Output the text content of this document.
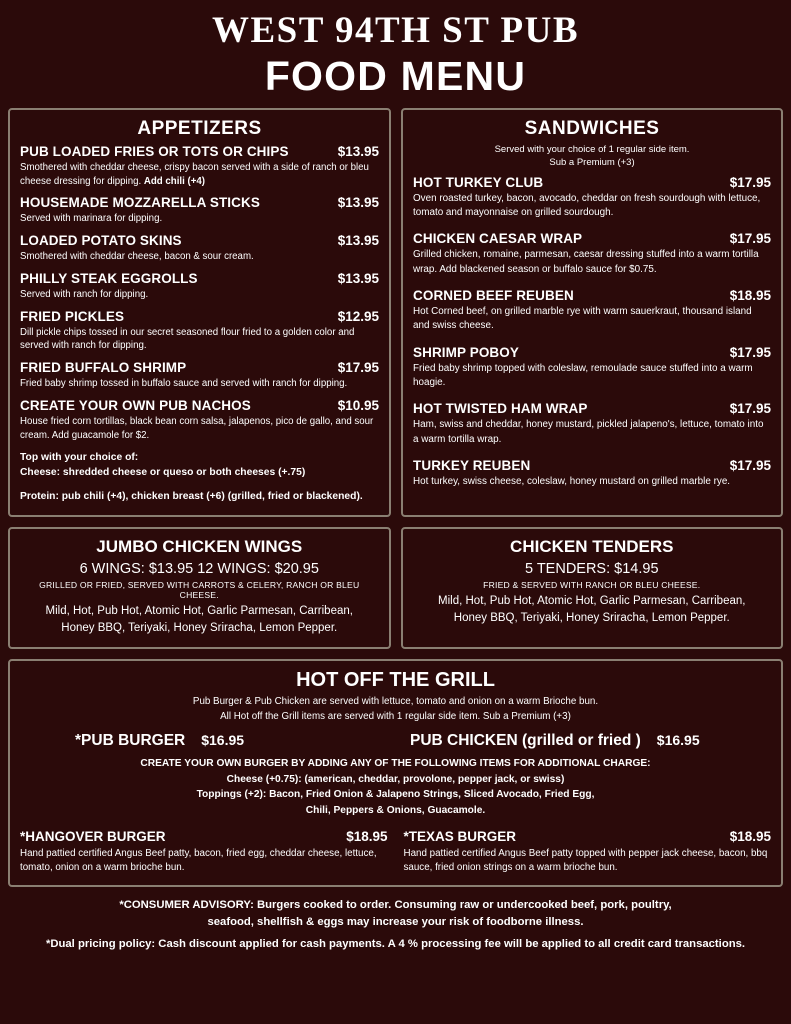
WEST 94TH ST PUB
FOOD MENU
APPETIZERS
PUB LOADED FRIES OR TOTS OR CHIPS	$13.95
Smothered with cheddar cheese, crispy bacon served with a side of ranch or bleu cheese dressing for dipping. Add chili (+4)
HOUSEMADE MOZZARELLA STICKS	$13.95
Served with marinara for dipping.
LOADED POTATO SKINS	$13.95
Smothered with cheddar cheese, bacon & sour cream.
PHILLY STEAK EGGROLLS	$13.95
Served with ranch for dipping.
FRIED PICKLES	$12.95
Dill pickle chips tossed in our secret seasoned flour fried to a golden color and served with ranch for dipping.
FRIED BUFFALO SHRIMP	$17.95
Fried baby shrimp tossed in buffalo sauce and served with ranch for dipping.
CREATE YOUR OWN PUB NACHOS	$10.95
House fried corn tortillas, black bean corn salsa, jalapenos, pico de gallo, and sour cream. Add guacamole for $2.
Top with your choice of:
Cheese: shredded cheese or queso or both cheeses (+.75)
Protein: pub chili (+4), chicken breast (+6) (grilled, fried or blackened).
SANDWICHES
Served with your choice of 1 regular side item.
Sub a Premium (+3)
HOT TURKEY CLUB	$17.95
Oven roasted turkey, bacon, avocado, cheddar on fresh sourdough with lettuce, tomato and mayonnaise on grilled sourdough.
CHICKEN CAESAR WRAP	$17.95
Grilled chicken, romaine, parmesan, caesar dressing stuffed into a warm tortilla wrap. Add blackened season or buffalo sauce for $0.75.
CORNED BEEF REUBEN	$18.95
Hot Corned beef, on grilled marble rye with warm sauerkraut, thousand island and swiss cheese.
SHRIMP POBOY	$17.95
Fried baby shrimp topped with coleslaw, remoulade sauce stuffed into a warm hoagie.
HOT TWISTED HAM WRAP	$17.95
Ham, swiss and cheddar, honey mustard, pickled jalapeno's, lettuce, tomato into a warm tortilla wrap.
TURKEY REUBEN	$17.95
Hot turkey, swiss cheese, coleslaw, honey mustard on grilled marble rye.
JUMBO CHICKEN WINGS
6 WINGS: $13.95 12 WINGS: $20.95
GRILLED OR FRIED, SERVED WITH CARROTS & CELERY, RANCH OR BLEU CHEESE.
Mild, Hot, Pub Hot, Atomic Hot, Garlic Parmesan, Carribean,
Honey BBQ, Teriyaki, Honey Sriracha, Lemon Pepper.
CHICKEN TENDERS
5 TENDERS: $14.95
FRIED & SERVED WITH RANCH OR BLEU CHEESE.
Mild, Hot, Pub Hot, Atomic Hot, Garlic Parmesan, Carribean,
Honey BBQ, Teriyaki, Honey Sriracha, Lemon Pepper.
HOT OFF THE GRILL
Pub Burger & Pub Chicken are served with lettuce, tomato and onion on a warm Brioche bun.
All Hot off the Grill items are served with 1 regular side item. Sub a Premium (+3)
*PUB BURGER $16.95	PUB CHICKEN (grilled or fried ) $16.95
CREATE YOUR OWN BURGER BY ADDING ANY OF THE FOLLOWING ITEMS FOR ADDITIONAL CHARGE:
Cheese (+0.75): (american, cheddar, provolone, pepper jack, or swiss)
Toppings (+2): Bacon, Fried Onion & Jalapeno Strings, Sliced Avocado, Fried Egg,
Chili, Peppers & Onions, Guacamole.
*HANGOVER BURGER	$18.95
Hand pattied certified Angus Beef patty, bacon, fried egg, cheddar cheese, lettuce, tomato, onion on a warm brioche bun.
*TEXAS BURGER	$18.95
Hand pattied certified Angus Beef patty topped with pepper jack cheese, bacon, bbq sauce, fried onion strings on a warm brioche bun.
*CONSUMER ADVISORY: Burgers cooked to order. Consuming raw or undercooked beef, pork, poultry,
seafood, shellfish & eggs may increase your risk of foodborne illness.
*Dual pricing policy: Cash discount applied for cash payments. A 4 % processing fee will be applied to all credit card transactions.
